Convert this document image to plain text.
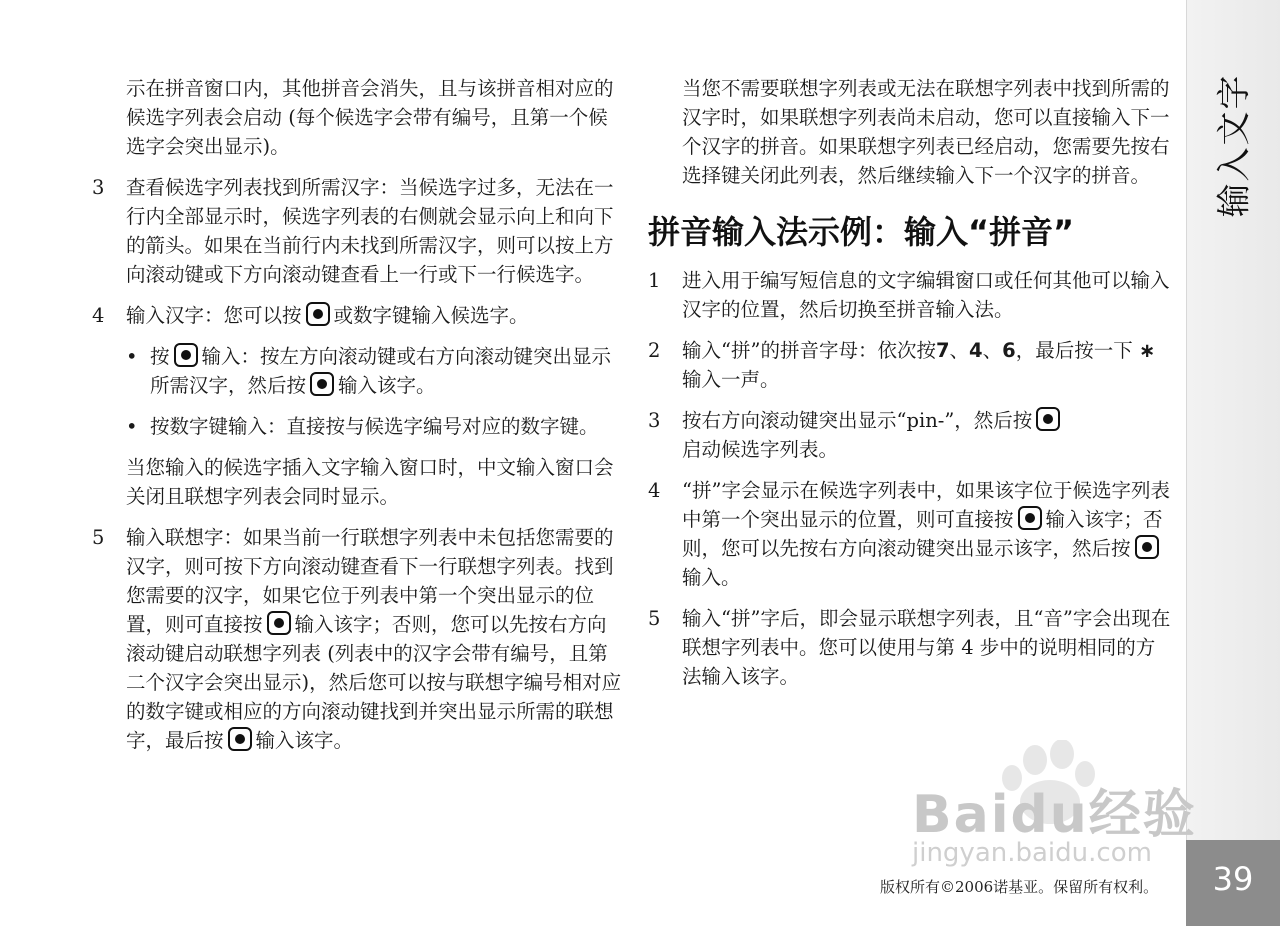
示在拼音窗口内，其他拼音会消失，且与该拼音相对应的候选字列表会启动 (每个候选字会带有编号，且第一个候选字会突出显示)。

3	查看候选字列表找到所需汉字：当候选字过多，无法在一行内全部显示时，候选字列表的右侧就会显示向上和向下的箭头。如果在当前行内未找到所需汉字，则可以按上方向滚动键或下方向滚动键查看上一行或下一行候选字。
4	输入汉字：您可以按 或数字键输入候选字。
• 按 输入：按左方向滚动键或右方向滚动键突出显示所需汉字，然后按 输入该字。
• 按数字键输入：直接按与候选字编号对应的数字键。

当您输入的候选字插入文字输入窗口时，中文输入窗口会关闭且联想字列表会同时显示。

5	输入联想字：如果当前一行联想字列表中未包括您需要的汉字，则可按下方向滚动键查看下一行联想字列表。找到您需要的汉字，如果它位于列表中第一个突出显示的位置，则可直接按 输入该字；否则，您可以先按右方向滚动键启动联想字列表 (列表中的汉字会带有编号，且第二个汉字会突出显示)，然后您可以按与联想字编号相对应的数字键或相应的方向滚动键找到并突出显示所需的联想字，最后按 输入该字。

当您不需要联想字列表或无法在联想字列表中找到所需的汉字时，如果联想字列表尚未启动，您可以直接输入下一个汉字的拼音。如果联想字列表已经启动，您需要先按右选择键关闭此列表，然后继续输入下一个汉字的拼音。

拼音输入法示例：输入“拼音”
1	进入用于编写短信息的文字编辑窗口或任何其他可以输入汉字的位置，然后切换至拼音输入法。
2	输入“拼”的拼音字母：依次按7、4、6，最后按一下 ∗ 输入一声。
3	按右方向滚动键突出显示“pin-”，然后按
启动候选字列表。
4	“拼”字会显示在候选字列表中，如果该字位于候选字列表中第一个突出显示的位置，则可直接按 输入该字；否则，您可以先按右方向滚动键突出显示该字，然后按输入。
5	输入“拼”字后，即会显示联想字列表，且“音”字会出现在联想字列表中。您可以使用与第 4 步中的说明相同的方法输入该字。
输入文字
39
Baidu经验
jingyan.baidu.com
版权所有©2006诺基亚。保留所有权利。
